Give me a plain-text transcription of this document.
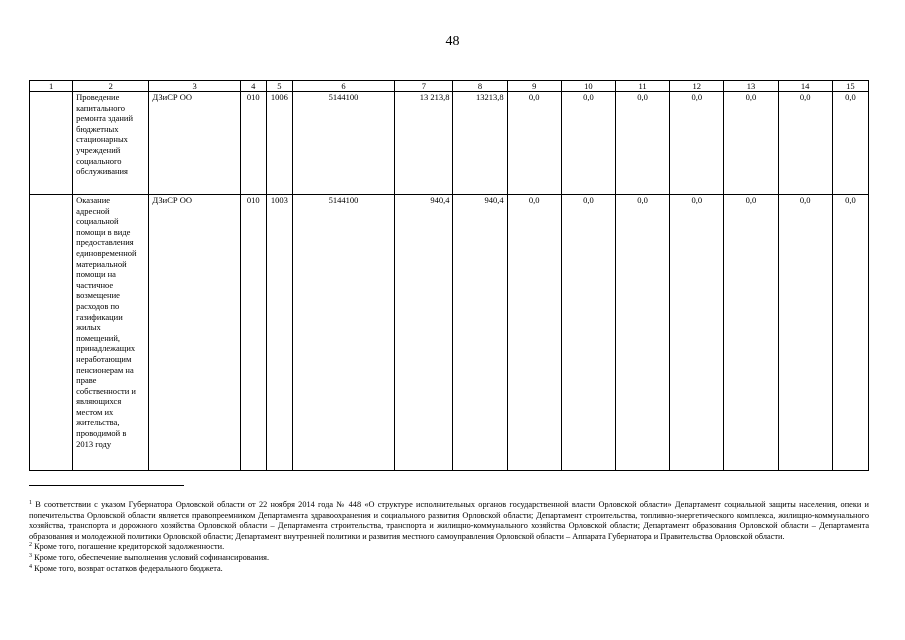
48
1	2	3	4	5	6	7	8	9	10	11	12	13	14	15
	Проведение капитального ремонта зданий бюджетных стационарных учреждений социального обслуживания	ДЗиСР ОО	010	1006	5144100	13 213,8	13213,8	0,0	0,0	0,0	0,0	0,0	0,0	0,0
	Оказание адресной социальной помощи в виде предоставления единовременной материальной помощи на частичное возмещение расходов по газификации жилых помещений, принадлежащих неработающим пенсионерам на праве собственности и являющихся местом их жительства, проводимой в 2013 году	ДЗиСР ОО	010	1003	5144100	940,4	940,4	0,0	0,0	0,0	0,0	0,0	0,0	0,0

$^1$ В соответствии с указом Губернатора Орловской области от 22 ноября 2014 года № 448 «О структуре исполнительных органов государственной власти Орловской области» Департамент социальной защиты населения, опеки и попечительства Орловской области является правопреемником Департамента здравоохранения и социального развития Орловской области; Департамент строительства, топливно-энергетического комплекса, жилищно-коммунального хозяйства, транспорта и дорожного хозяйства Орловской области – Департамента строительства, транспорта и жилищно-коммунального хозяйства Орловской области; Департамент образования Орловской области – Департамента образования и молодежной политики Орловской области; Департамент внутренней политики и развития местного самоуправления Орловской области – Аппарата Губернатора и Правительства Орловской области.

$^2$ Кроме того, погашение кредиторской задолженности.

$^3$ Кроме того, обеспечение выполнения условий софинансирования.

$^4$ Кроме того, возврат остатков федерального бюджета.
